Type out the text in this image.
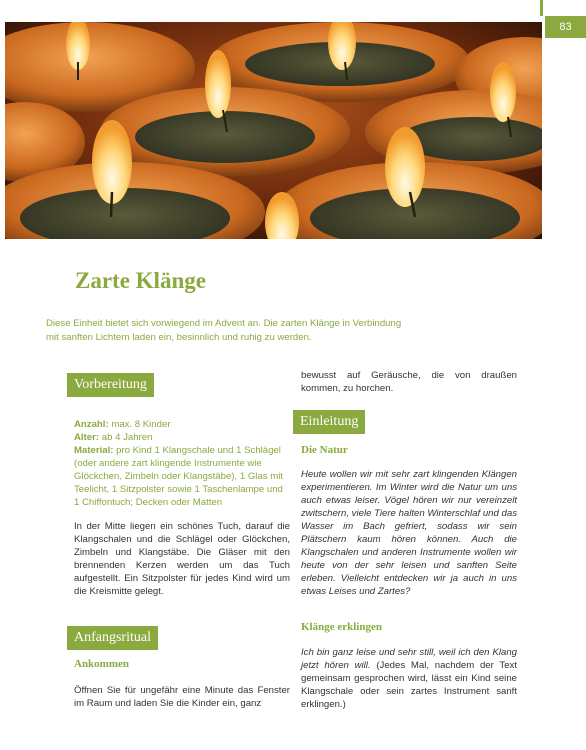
83
Zarte Klänge
Diese Einheit bietet sich vorwiegend im Advent an. Die zarten Klänge in Verbindung mit sanften Lichtern laden ein, besinnlich und ruhig zu werden.
Vorbereitung
Anzahl: max. 8 Kinder
Alter: ab 4 Jahren
Material: pro Kind 1 Klangschale und 1 Schlägel (oder andere zart klingende Instrumente wie Glöckchen, Zimbeln oder Klangstäbe), 1 Glas mit Teelicht, 1 Sitzpolster sowie 1 Taschenlampe und 1 Chiffontuch; Decken oder Matten
In der Mitte liegen ein schönes Tuch, darauf die Klangschalen und die Schlägel oder Glöckchen, Zimbeln und Klangstäbe. Die Gläser mit den brennenden Kerzen werden um das Tuch aufgestellt. Ein Sitzpolster für jedes Kind wird um die Kreismitte gelegt.
Anfangsritual
Ankommen
Öffnen Sie für ungefähr eine Minute das Fenster im Raum und laden Sie die Kinder ein, ganz
bewusst auf Geräusche, die von draußen kommen, zu horchen.
Einleitung
Die Natur
Heute wollen wir mit sehr zart klingenden Klängen experimentieren. Im Winter wird die Natur um uns auch etwas leiser. Vögel hören wir nur vereinzelt zwitschern, viele Tiere halten Winterschlaf und das Wasser im Bach gefriert, sodass wir sein Plätschern kaum hören können. Auch die Klangschalen und anderen Instrumente wollen wir heute von der sehr leisen und sanften Seite erleben. Vielleicht entdecken wir ja auch in uns etwas Leises und Zartes?
Klänge erklingen
Ich bin ganz leise und sehr still, weil ich den Klang jetzt hören will. (Jedes Mal, nachdem der Text gemeinsam gesprochen wird, lässt ein Kind seine Klangschale oder sein zartes Instrument sanft erklingen.)
